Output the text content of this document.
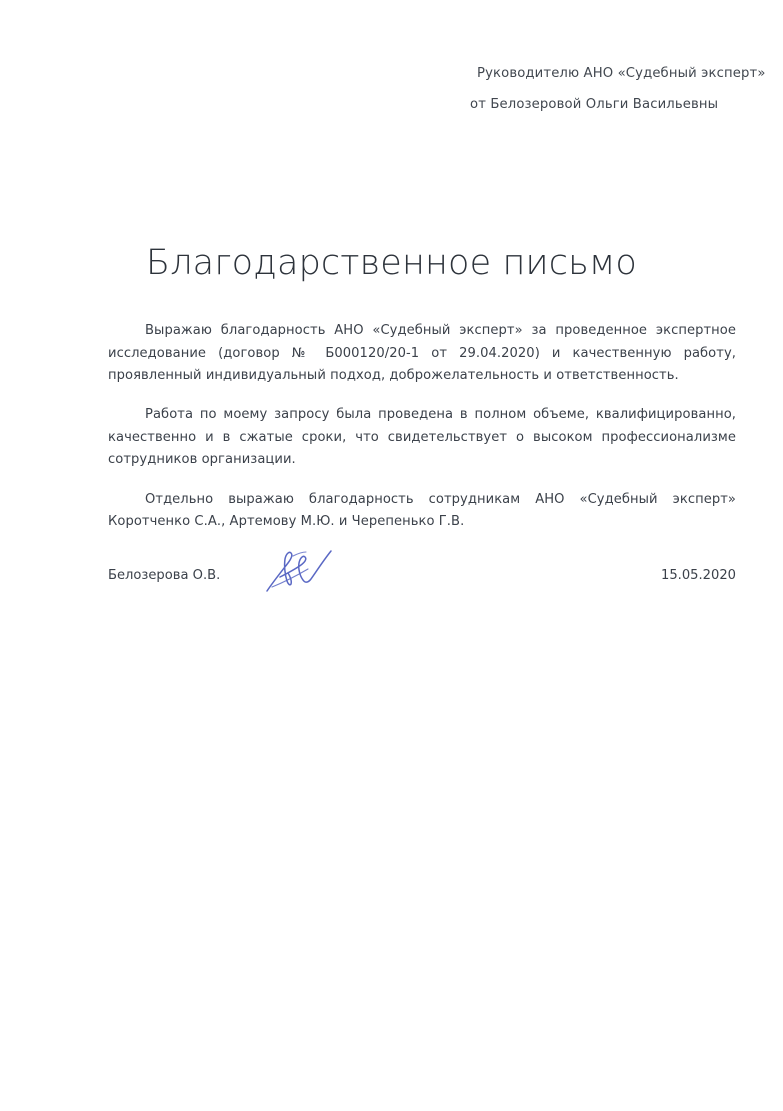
Руководителю АНО «Судебный эксперт»
от Белозеровой Ольги Васильевны
Благодарственное письмо

Выражаю благодарность АНО «Судебный эксперт» за проведенное экспертное исследование (договор № Б000120/20-1 от 29.04.2020) и качественную работу, проявленный индивидуальный подход, доброжелательность и ответственность.

Работа по моему запросу была проведена в полном объеме, квалифицированно, качественно и в сжатые сроки, что свидетельствует о высоком профессионализме сотрудников организации.

Отдельно выражаю благодарность сотрудникам АНО «Судебный эксперт» Коротченко С.А., Артемову М.Ю. и Черепенько Г.В.

Белозерова О.В.	15.05.2020
